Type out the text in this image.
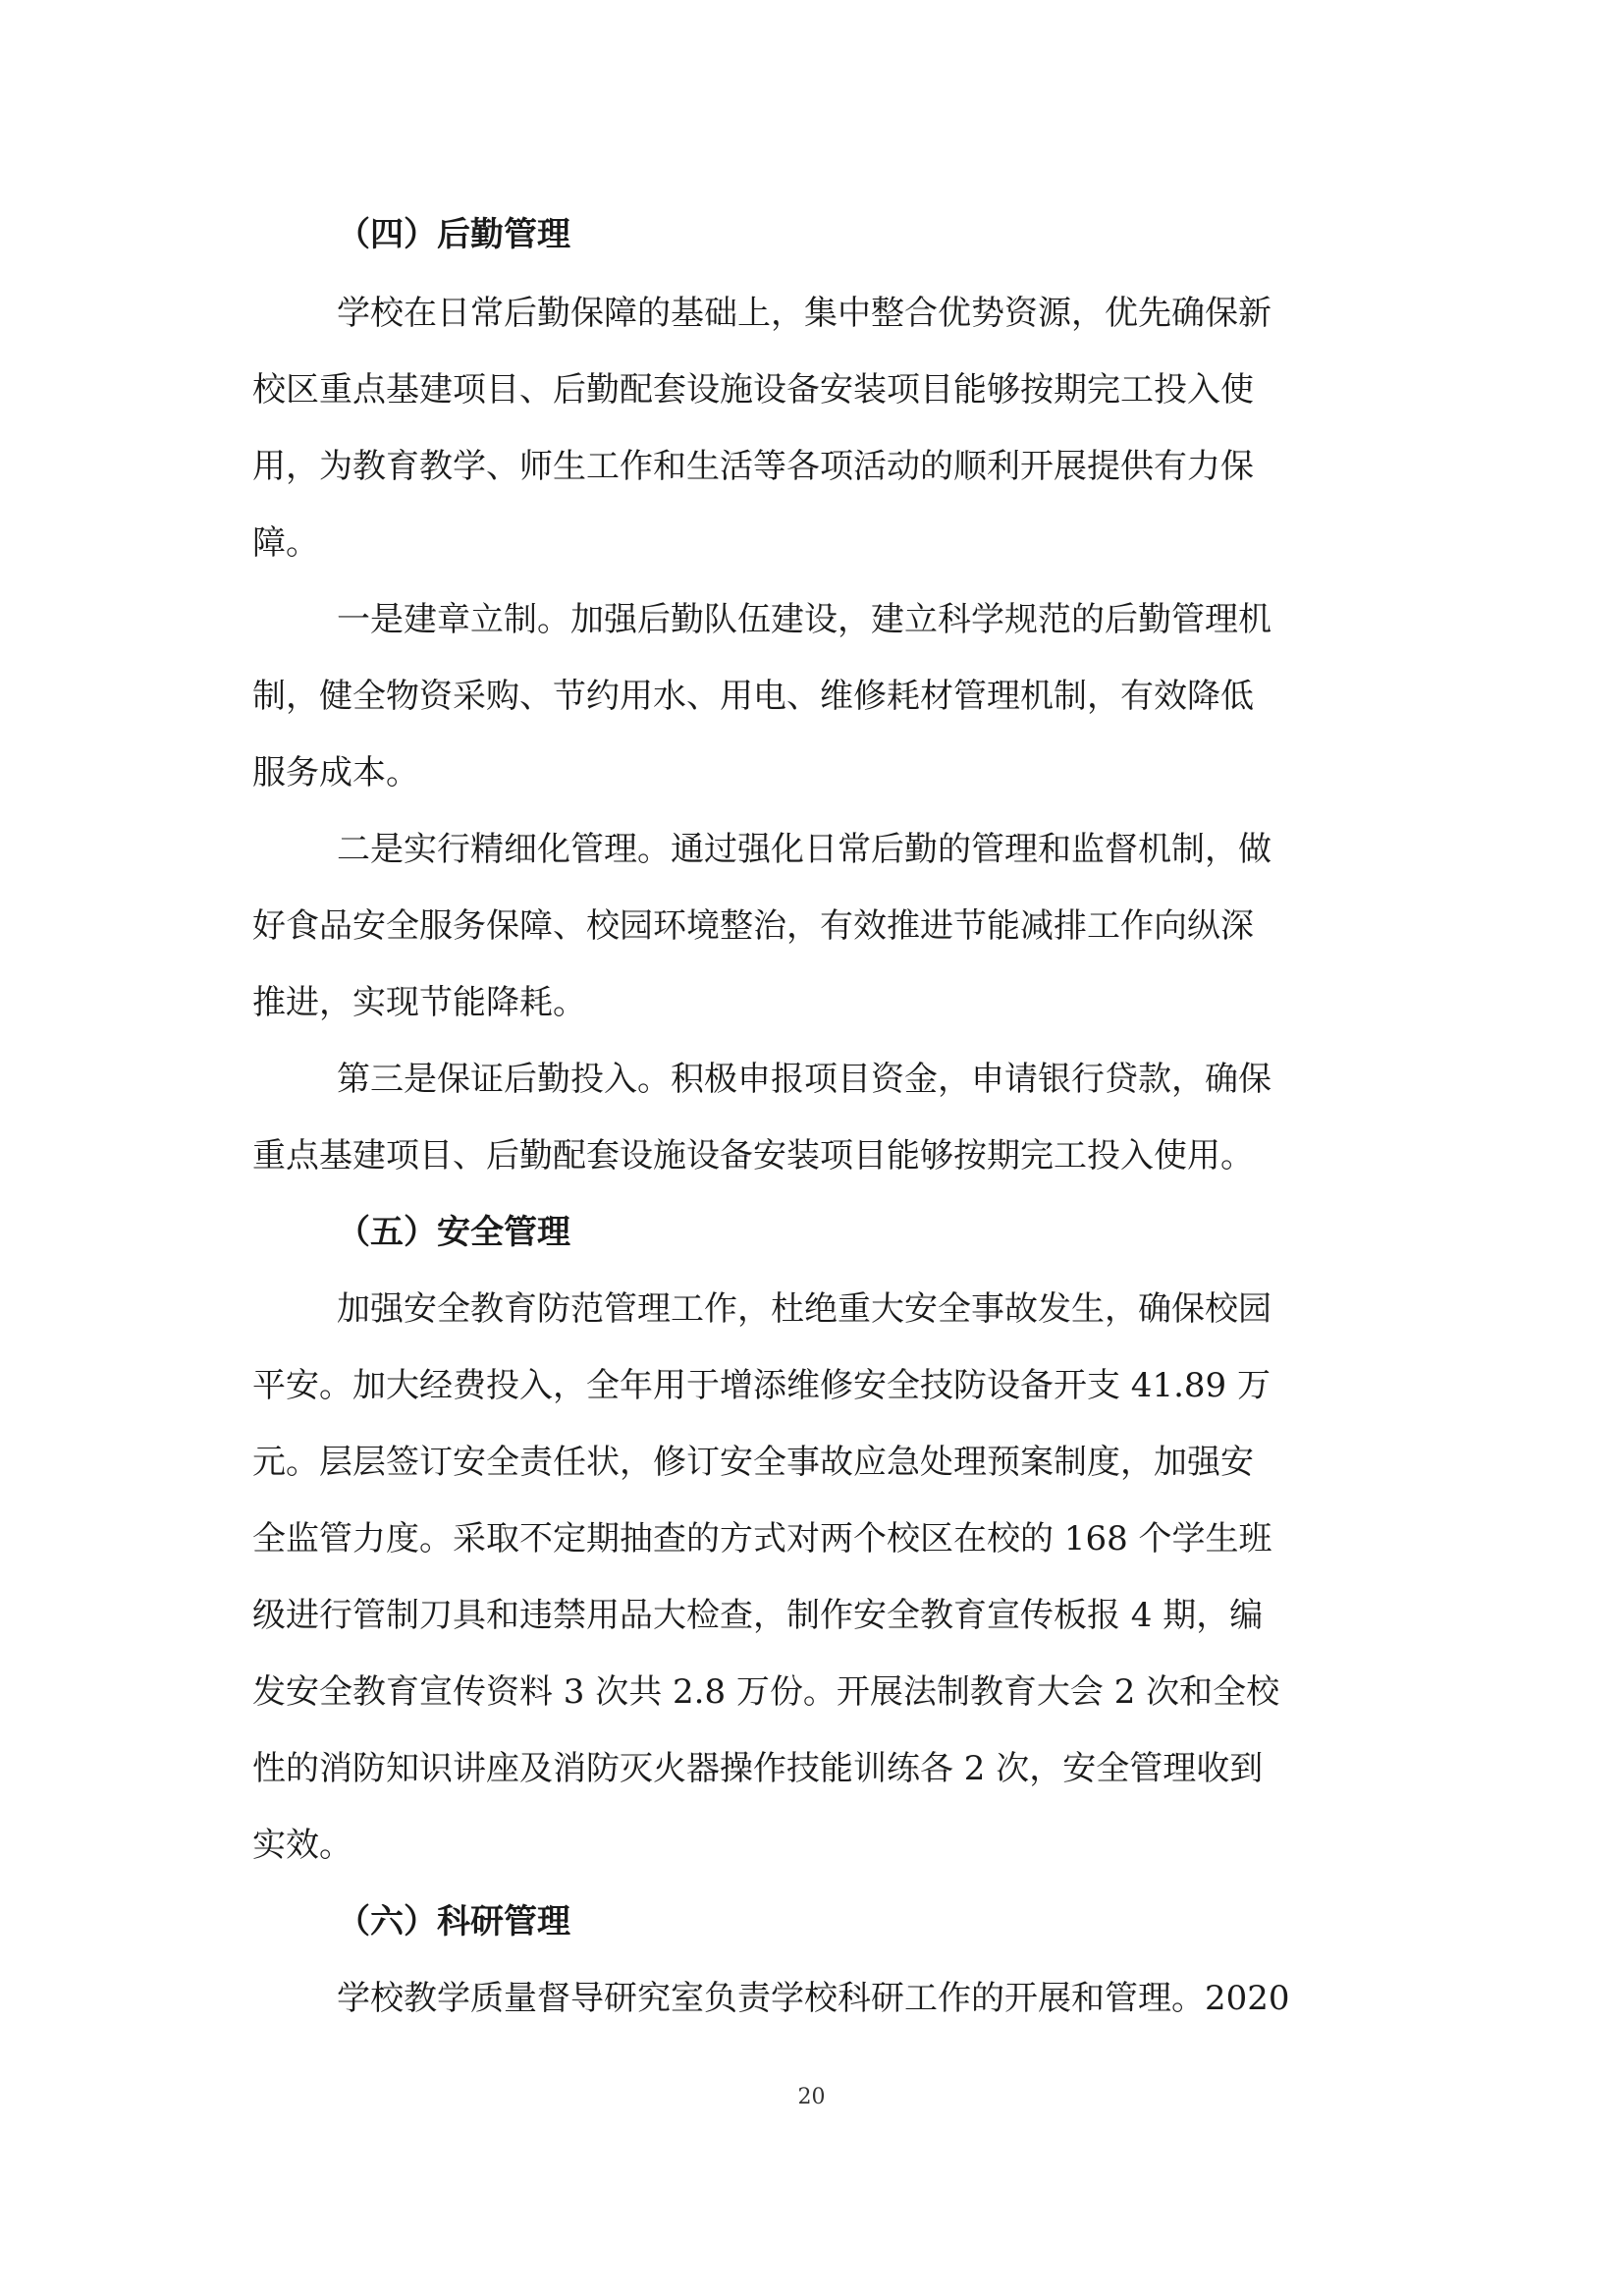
（四）后勤管理
学校在日常后勤保障的基础上，集中整合优势资源，优先确保新
校区重点基建项目、后勤配套设施设备安装项目能够按期完工投入使
用，为教育教学、师生工作和生活等各项活动的顺利开展提供有力保
障。
一是建章立制。加强后勤队伍建设，建立科学规范的后勤管理机
制，健全物资采购、节约用水、用电、维修耗材管理机制，有效降低
服务成本。
二是实行精细化管理。通过强化日常后勤的管理和监督机制，做
好食品安全服务保障、校园环境整治，有效推进节能减排工作向纵深
推进，实现节能降耗。
第三是保证后勤投入。积极申报项目资金，申请银行贷款，确保
重点基建项目、后勤配套设施设备安装项目能够按期完工投入使用。
（五）安全管理
加强安全教育防范管理工作，杜绝重大安全事故发生，确保校园
平安。加大经费投入，全年用于增添维修安全技防设备开支 41.89 万
元。层层签订安全责任状，修订安全事故应急处理预案制度，加强安
全监管力度。采取不定期抽查的方式对两个校区在校的 168 个学生班
级进行管制刀具和违禁用品大检查，制作安全教育宣传板报 4 期，编
发安全教育宣传资料 3 次共 2.8 万份。开展法制教育大会 2 次和全校
性的消防知识讲座及消防灭火器操作技能训练各 2 次，安全管理收到
实效。
（六）科研管理
学校教学质量督导研究室负责学校科研工作的开展和管理。2020
20
